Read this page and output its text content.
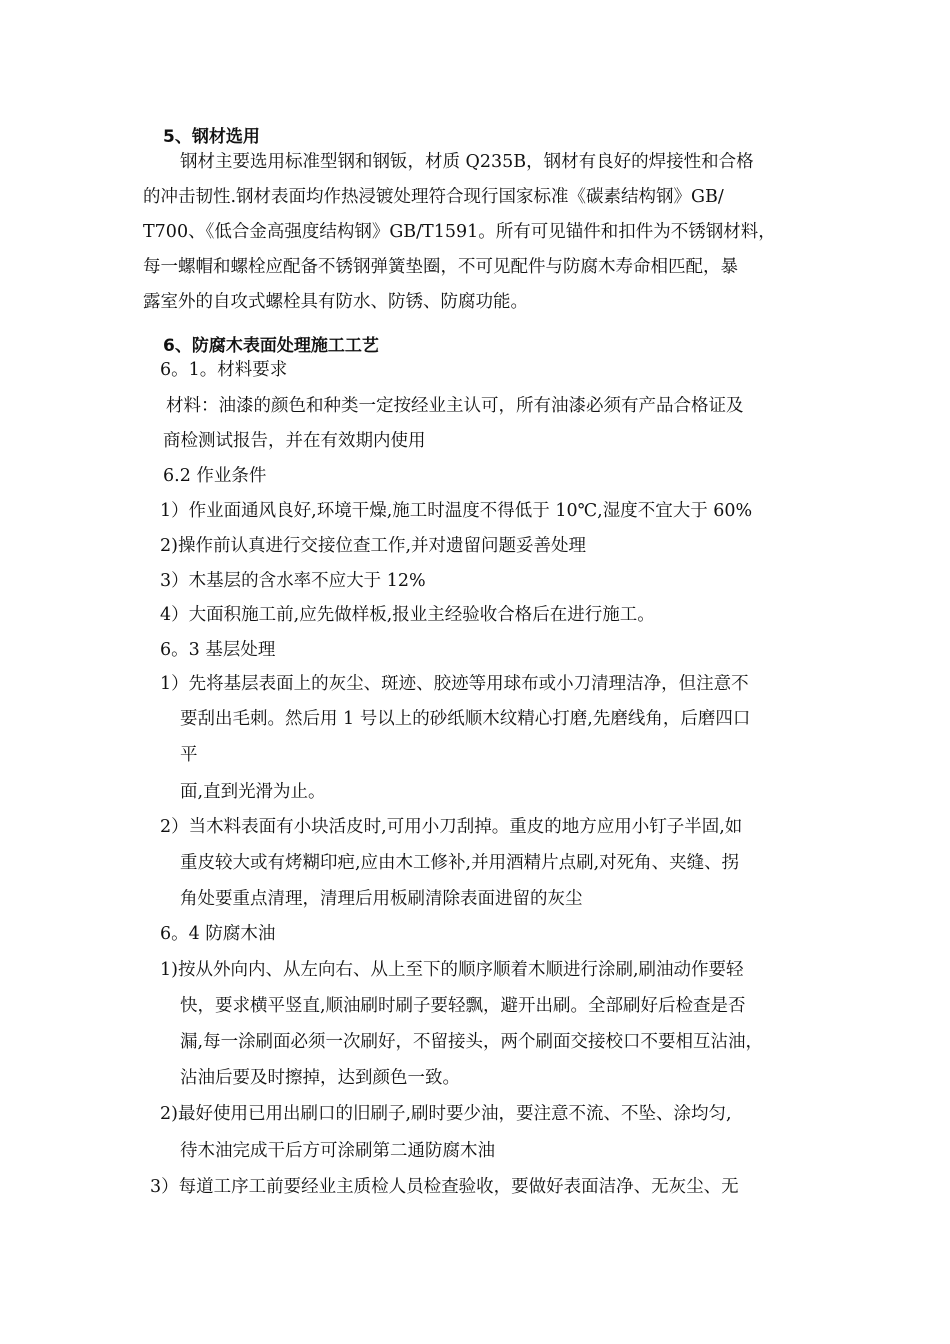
5、钢材选用
钢材主要选用标准型钢和钢钣，材质 Q235B，钢材有良好的焊接性和合格
的冲击韧性.钢材表面均作热浸镀处理符合现行国家标准《碳素结构钢》GB/
T700、《低合金高强度结构钢》GB/T1591。所有可见锚件和扣件为不锈钢材料，
每一螺帽和螺栓应配备不锈钢弹簧垫圈，不可见配件与防腐木寿命相匹配，暴
露室外的自攻式螺栓具有防水、防锈、防腐功能。
6、防腐木表面处理施工工艺
6。1。材料要求
材料：油漆的颜色和种类一定按经业主认可，所有油漆必须有产品合格证及
商检测试报告，并在有效期内使用
6.2 作业条件
1）作业面通风良好,环境干燥,施工时温度不得低于 10℃,湿度不宜大于 60%
2)操作前认真进行交接位查工作,并对遗留问题妥善处理
3）木基层的含水率不应大于 12%
4）大面积施工前,应先做样板,报业主经验收合格后在进行施工。
6。3 基层处理
1）先将基层表面上的灰尘、斑迹、胶迹等用球布或小刀清理洁净，但注意不
要刮出毛刺。然后用 1 号以上的砂纸顺木纹精心打磨,先磨线角，后磨四口
平
面,直到光滑为止。
2）当木料表面有小块活皮时,可用小刀刮掉。重皮的地方应用小钉子半固,如
重皮较大或有烤糊印疤,应由木工修补,并用酒精片点刷,对死角、夹缝、拐
角处要重点清理，清理后用板刷清除表面进留的灰尘
6。4 防腐木油
1)按从外向内、从左向右、从上至下的顺序顺着木顺进行涂刷,刷油动作要轻
快，要求横平竖直,顺油刷时刷子要轻飘，避开出刷。全部刷好后检查是否
漏,每一涂刷面必须一次刷好，不留接头，两个刷面交接校口不要相互沾油，
沾油后要及时擦掉，达到颜色一致。
2)最好使用已用出刷口的旧刷子,刷时要少油，要注意不流、不坠、涂均匀,
待木油完成干后方可涂刷第二通防腐木油
3）每道工序工前要经业主质检人员检查验收，要做好表面洁净、无灰尘、无
